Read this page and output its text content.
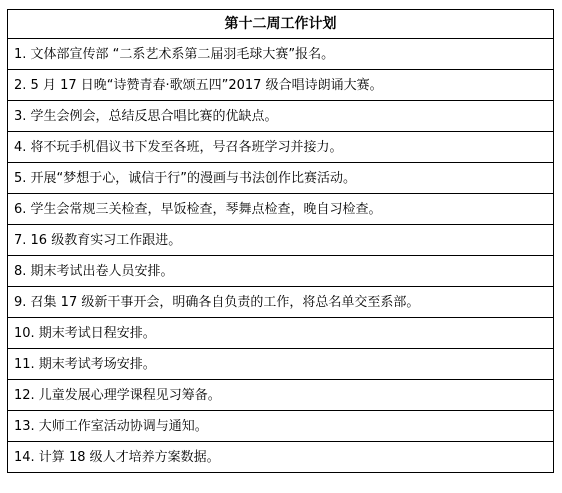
第十二周工作计划
1. 文体部宣传部 “二系艺术系第二届羽毛球大赛”报名。
2. 5 月 17 日晚“诗赞青春·歌颂五四”2017 级合唱诗朗诵大赛。
3. 学生会例会，总结反思合唱比赛的优缺点。
4. 将不玩手机倡议书下发至各班，号召各班学习并接力。
5. 开展“梦想于心，诚信于行”的漫画与书法创作比赛活动。
6. 学生会常规三关检查，早饭检查，琴舞点检查，晚自习检查。
7. 16 级教育实习工作跟进。
8. 期末考试出卷人员安排。
9. 召集 17 级新干事开会，明确各自负责的工作，将总名单交至系部。
10. 期末考试日程安排。
11. 期末考试考场安排。
12. 儿童发展心理学课程见习筹备。
13. 大师工作室活动协调与通知。
14. 计算 18 级人才培养方案数据。
